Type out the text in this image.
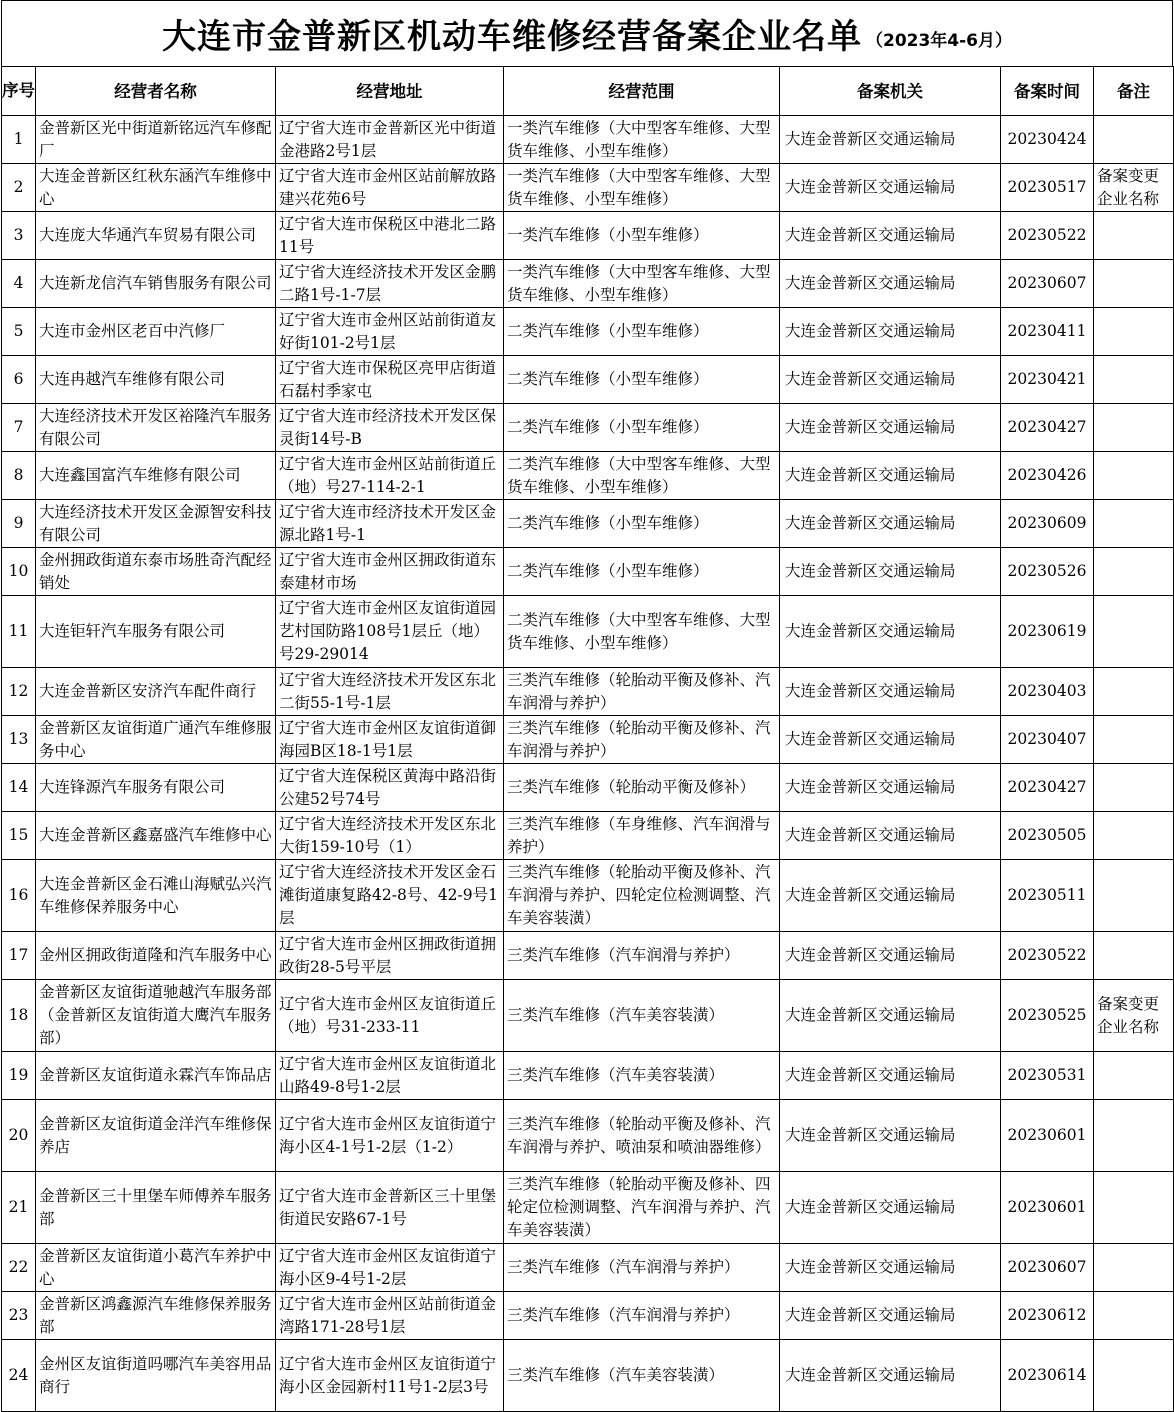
大连市金普新区机动车维修经营备案企业名单 （2023年4-6月）
序号	经营者名称	经营地址	经营范围	备案机关	备案时间	备注
1	金普新区光中街道新铭远汽车修配厂	辽宁省大连市金普新区光中街道金港路2号1层	一类汽车维修（大中型客车维修、大型货车维修、小型车维修）	大连金普新区交通运输局	20230424	
2	大连金普新区红秋东涵汽车维修中心	辽宁省大连市金州区站前解放路建兴花苑6号	一类汽车维修（大中型客车维修、大型货车维修、小型车维修）	大连金普新区交通运输局	20230517	备案变更企业名称
3	大连庞大华通汽车贸易有限公司	辽宁省大连市保税区中港北二路11号	一类汽车维修（小型车维修）	大连金普新区交通运输局	20230522	
4	大连新龙信汽车销售服务有限公司	辽宁省大连经济技术开发区金鹏二路1号-1-7层	一类汽车维修（大中型客车维修、大型货车维修、小型车维修）	大连金普新区交通运输局	20230607	
5	大连市金州区老百中汽修厂	辽宁省大连市金州区站前街道友好街101-2号1层	二类汽车维修（小型车维修）	大连金普新区交通运输局	20230411	
6	大连冉越汽车维修有限公司	辽宁省大连市保税区亮甲店街道石磊村季家屯	二类汽车维修（小型车维修）	大连金普新区交通运输局	20230421	
7	大连经济技术开发区裕隆汽车服务有限公司	辽宁省大连市经济技术开发区保灵街14号-B	二类汽车维修（小型车维修）	大连金普新区交通运输局	20230427	
8	大连鑫国富汽车维修有限公司	辽宁省大连市金州区站前街道丘（地）号27-114-2-1	二类汽车维修（大中型客车维修、大型货车维修、小型车维修）	大连金普新区交通运输局	20230426	
9	大连经济技术开发区金源智安科技有限公司	辽宁省大连市经济技术开发区金源北路1号-1	二类汽车维修（小型车维修）	大连金普新区交通运输局	20230609	
10	金州拥政街道东泰市场胜奇汽配经销处	辽宁省大连市金州区拥政街道东泰建材市场	二类汽车维修（小型车维修）	大连金普新区交通运输局	20230526	
11	大连钜轩汽车服务有限公司	辽宁省大连市金州区友谊街道园艺村国防路108号1层丘（地）号29-29014	二类汽车维修（大中型客车维修、大型货车维修、小型车维修）	大连金普新区交通运输局	20230619	
12	大连金普新区安济汽车配件商行	辽宁省大连经济技术开发区东北二街55-1号-1层	三类汽车维修（轮胎动平衡及修补、汽车润滑与养护）	大连金普新区交通运输局	20230403	
13	金普新区友谊街道广通汽车维修服务中心	辽宁省大连市金州区友谊街道御海园B区18-1号1层	三类汽车维修（轮胎动平衡及修补、汽车润滑与养护）	大连金普新区交通运输局	20230407	
14	大连锋源汽车服务有限公司	辽宁省大连保税区黄海中路沿街公建52号74号	三类汽车维修（轮胎动平衡及修补）	大连金普新区交通运输局	20230427	
15	大连金普新区鑫嘉盛汽车维修中心	辽宁省大连经济技术开发区东北大街159-10号（1）	三类汽车维修（车身维修、汽车润滑与养护）	大连金普新区交通运输局	20230505	
16	大连金普新区金石滩山海赋弘兴汽车维修保养服务中心	辽宁省大连经济技术开发区金石滩街道康复路42-8号、42-9号1层	三类汽车维修（轮胎动平衡及修补、汽车润滑与养护、四轮定位检测调整、汽车美容装潢）	大连金普新区交通运输局	20230511	
17	金州区拥政街道隆和汽车服务中心	辽宁省大连市金州区拥政街道拥政街28-5号平层	三类汽车维修（汽车润滑与养护）	大连金普新区交通运输局	20230522	
18	金普新区友谊街道驰越汽车服务部（金普新区友谊街道大鹰汽车服务部）	辽宁省大连市金州区友谊街道丘（地）号31-233-11	三类汽车维修（汽车美容装潢）	大连金普新区交通运输局	20230525	备案变更企业名称
19	金普新区友谊街道永霖汽车饰品店	辽宁省大连市金州区友谊街道北山路49-8号1-2层	三类汽车维修（汽车美容装潢）	大连金普新区交通运输局	20230531	
20	金普新区友谊街道金洋汽车维修保养店	辽宁省大连市金州区友谊街道宁海小区4-1号1-2层（1-2）	三类汽车维修（轮胎动平衡及修补、汽车润滑与养护、喷油泵和喷油器维修）	大连金普新区交通运输局	20230601	
21	金普新区三十里堡车师傅养车服务部	辽宁省大连市金普新区三十里堡街道民安路67-1号	三类汽车维修（轮胎动平衡及修补、四轮定位检测调整、汽车润滑与养护、汽车美容装潢）	大连金普新区交通运输局	20230601	
22	金普新区友谊街道小葛汽车养护中心	辽宁省大连市金州区友谊街道宁海小区9-4号1-2层	三类汽车维修（汽车润滑与养护）	大连金普新区交通运输局	20230607	
23	金普新区鸿鑫源汽车维修保养服务部	辽宁省大连市金州区站前街道金湾路171-28号1层	三类汽车维修（汽车润滑与养护）	大连金普新区交通运输局	20230612	
24	金州区友谊街道吗哪汽车美容用品商行	辽宁省大连市金州区友谊街道宁海小区金园新村11号1-2层3号	三类汽车维修（汽车美容装潢）	大连金普新区交通运输局	20230614	
